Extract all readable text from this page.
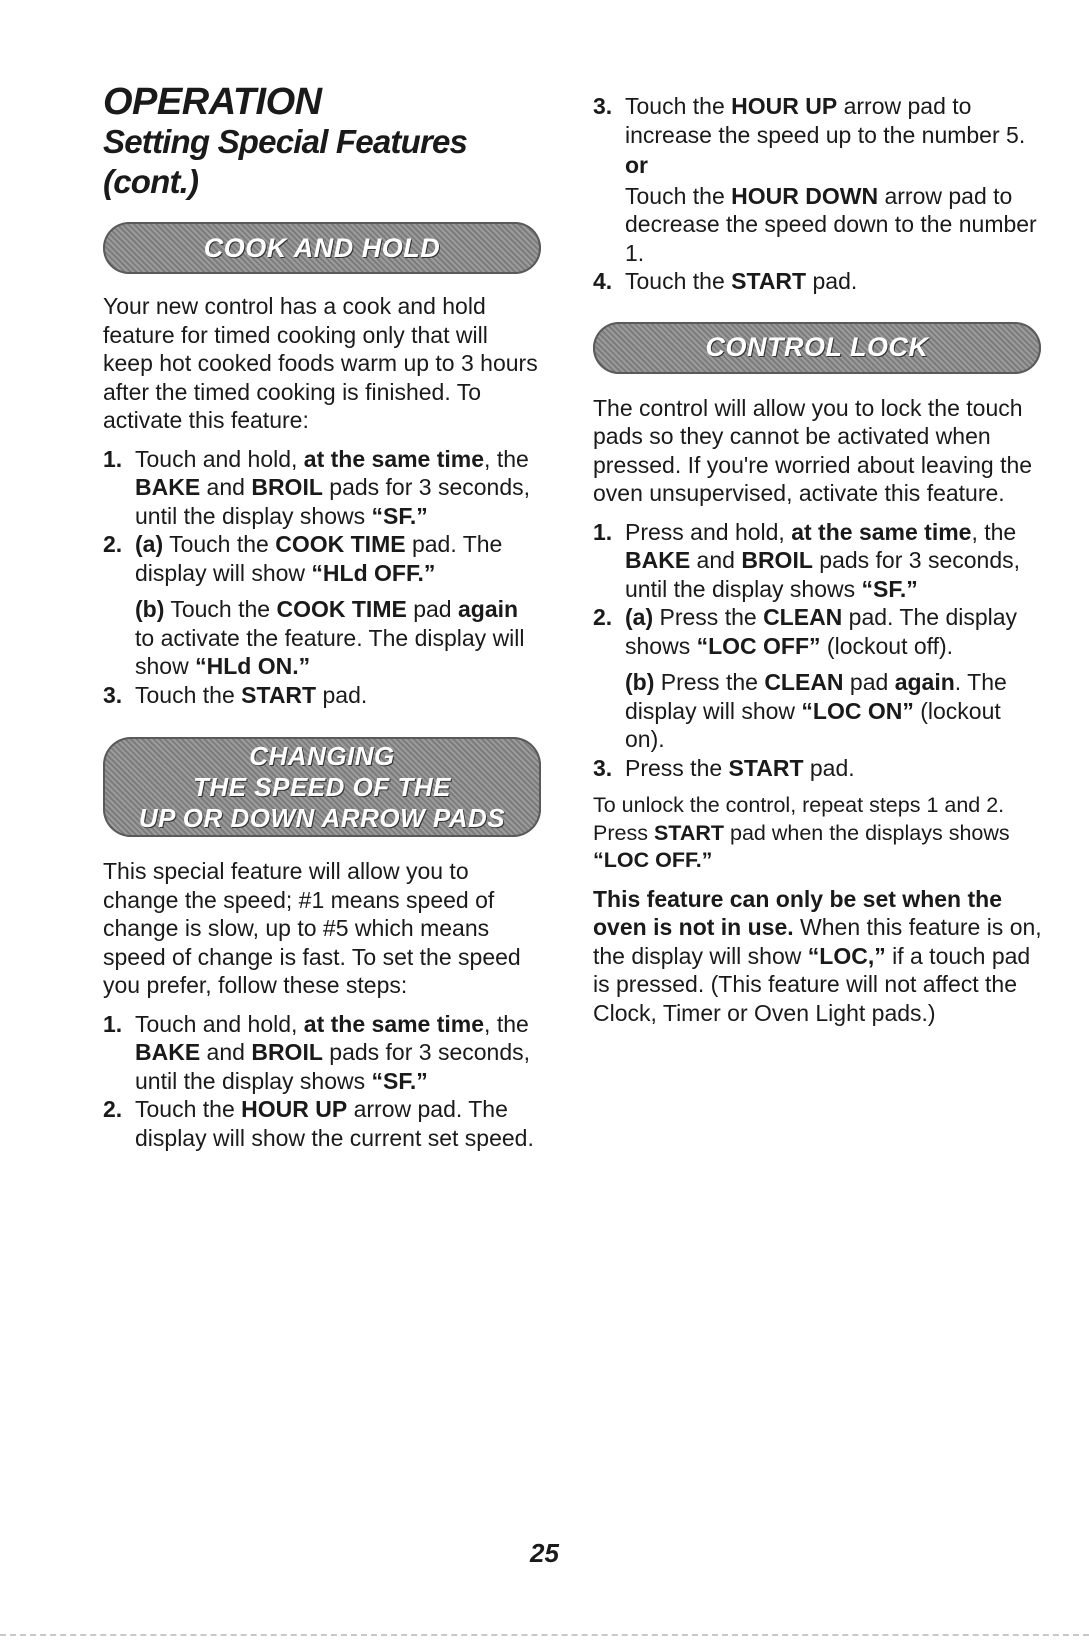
OPERATION
Setting Special Features (cont.)
COOK AND HOLD

Your new control has a cook and hold feature for timed cooking only that will keep hot cooked foods warm up to 3 hours after the timed cooking is finished. To activate this feature:

1. Touch and hold, at the same time, the BAKE and BROIL pads for 3 seconds, until the display shows “SF.”
2. (a) Touch the COOK TIME pad. The display will show “HLd OFF.”
(b) Touch the COOK TIME pad again to activate the feature. The display will show “HLd ON.”
3. Touch the START pad.
CHANGING
THE SPEED OF THE
UP OR DOWN ARROW PADS

This special feature will allow you to change the speed; #1 means speed of change is slow, up to #5 which means speed of change is fast. To set the speed you prefer, follow these steps:

1. Touch and hold, at the same time, the BAKE and BROIL pads for 3 seconds, until the display shows “SF.”
2. Touch the HOUR UP arrow pad. The display will show the current set speed.
3. Touch the HOUR UP arrow pad to increase the speed up to the number 5.
or
Touch the HOUR DOWN arrow pad to decrease the speed down to the number 1.
4. Touch the START pad.
CONTROL LOCK

The control will allow you to lock the touch pads so they cannot be activated when pressed. If you're worried about leaving the oven unsupervised, activate this feature.

1. Press and hold, at the same time, the BAKE and BROIL pads for 3 seconds, until the display shows “SF.”
2. (a) Press the CLEAN pad. The display shows “LOC OFF” (lockout off).
(b) Press the CLEAN pad again. The display will show “LOC ON” (lockout on).
3. Press the START pad.

To unlock the control, repeat steps 1 and 2. Press START pad when the displays shows “LOC OFF.”

This feature can only be set when the oven is not in use. When this feature is on, the display will show “LOC,” if a touch pad is pressed. (This feature will not affect the Clock, Timer or Oven Light pads.)

25
